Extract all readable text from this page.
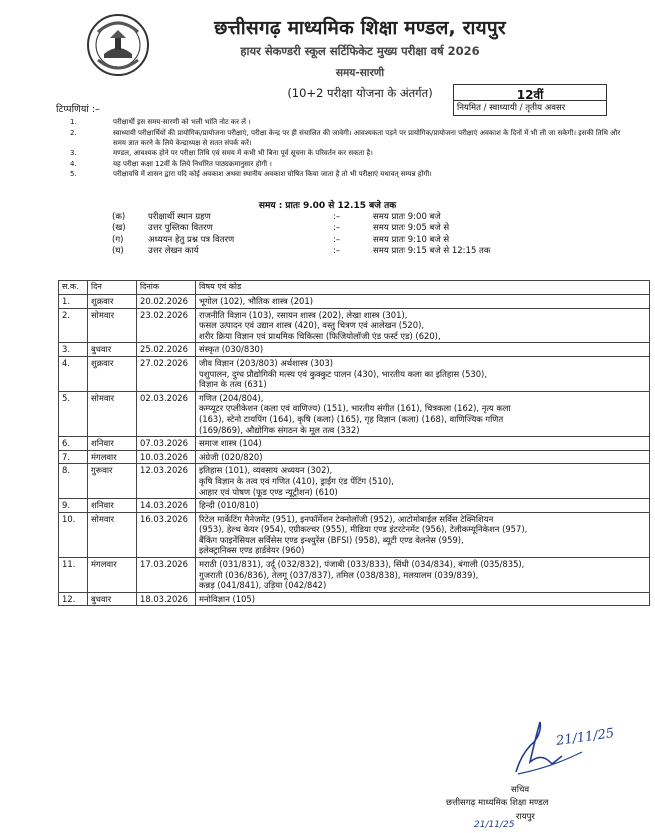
छत्तीसगढ़ माध्यमिक शिक्षा मण्डल, रायपुर
हायर सेकण्डरी स्कूल सर्टिफिकेट मुख्य परीक्षा वर्ष 2026
समय-सारणी
(10+2 परीक्षा योजना के अंतर्गत)	12वीं
नियमित / स्वाध्यायी / तृतीय अवसर
टिप्पणियां :–
1.	परीक्षार्थी इस समय-सारणी को भली भांति नोट कर लें ।
2.	स्वाध्यायी परीक्षार्थियों की प्रायोगिक/प्रायोजना परीक्षाएं, परीक्षा केन्द्र पर ही संचालित की जावेगी। आवश्यकता पड़ने पर प्रायोगिक/प्रायोजना परीक्षाएं अवकाश के दिनों में भी ली जा सकेगी। इसकी तिथि और समय ज्ञात करने के लिये केन्द्राध्यक्ष से सतत संपर्क करें।
3.	मण्डल, आवश्यक होने पर परीक्षा तिथि एवं समय में कभी भी बिना पूर्व सूचना के परिवर्तन कर सकता है।
4.	यह परीक्षा कक्षा 12वीं के लिये निर्धारित पाठ्यक्रमानुसार होगी ।
5.	परीक्षावधि में शासन द्वारा यदि कोई अवकाश अथवा स्थानीय अवकाश घोषित किया जाता है तो भी परीक्षाएं यथावत् सम्पन्न होंगी।
समय : प्रातः 9.00 से 12.15 बजे तक
(क)	परीक्षार्थी स्थान ग्रहण	:–	समय प्रातः 9:00 बजे
(ख)	उत्तर पुस्तिका वितरण	:–	समय प्रातः 9:05 बजे से
(ग)	अध्ययन हेतु प्रश्न पत्र वितरण	:–	समय प्रातः 9:10 बजे से
(घ)	उत्तर लेखन कार्य	:–	समय प्रातः 9:15 बजे से 12:15 तक
स.क.	दिन	दिनांक	विषय एवं कोड
1.	शुक्रवार	20.02.2026	भूगोल (102), भौतिक शास्त्र (201)

2.	सोमवार	23.02.2026	राजनीति विज्ञान (103), रसायन शास्त्र (202), लेखा शास्त्र (301),
फसल उत्पादन एवं उद्यान शास्त्र (420), वस्तु चित्रण एवं आलेखन (520),
शरीर क्रिया विज्ञान एवं प्राथमिक चिकित्सा (फिजियोलॉजी एंड फर्स्ट एड) (620),

3.	बुधवार	25.02.2026	संस्कृत (030/830)

4.	शुक्रवार	27.02.2026	जीव विज्ञान (203/803) अर्थशास्त्र (303)
पशुपालन, दुग्ध प्रौद्योगिकी मत्स्य एवं कुक्कुट पालन (430), भारतीय कला का इतिहास (530),
विज्ञान के तत्व (631)

5.	सोमवार	02.03.2026	गणित (204/804),
कम्प्यूटर एप्लीकेशन (कला एवं वाणिज्य) (151), भारतीय संगीत (161), चित्रकला (162), नृत्य कला
(163), स्टेनो टायपिंग (164), कृषि (कला) (165), गृह विज्ञान (कला) (168), वाणिज्यिक गणित
(169/869), औद्योगिक संगठन के मूल तत्व (332)

6.	शनिवार	07.03.2026	समाज शास्त्र (104)

7.	मंगलवार	10.03.2026	अंग्रेजी (020/820)

8.	गुरूवार	12.03.2026	इतिहास (101), व्यवसाय अध्ययन (302),
कृषि विज्ञान के तत्व एवं गणित (410), ड्राईंग एंड पेंटिंग (510),
आहार एवं पोषण (फूड एण्ड न्यूट्रीशन) (610)

9.	शनिवार	14.03.2026	हिन्दी (010/810)

10.	सोमवार	16.03.2026	रिटेल मार्केटिंग मैनेजमेंट (951), इनफॉर्मेशन टेक्नोलॉजी (952), आटोमोबाईल सर्विस टेक्निशियन
(953), हेल्थ केयर (954), एग्रीकल्चर (955), मीडिया एण्ड इंटरटेनमेंट (956), टेलीकम्यूनिकेशन (957),
बैंकिंग फाइनेंसियल सर्विसेस एण्ड इन्श्युरेंस (BFSI) (958), ब्यूटी एण्ड वेलनेस (959),
इलेक्ट्रानिक्स एण्ड हार्डवेयर (960)

11.	मंगलवार	17.03.2026	मराठी (031/831), उर्दू (032/832), पंजाबी (033/833), सिंधी (034/834), बंगाली (035/835),
गुजराती (036/836), तेलगू (037/837), तमिल (038/838), मलयालम (039/839),
कन्नड़ (041/841), उड़िया (042/842)

12.	बुधवार	18.03.2026	मनोविज्ञान (105)
21/11/25
सचिव
छत्तीसगढ़ माध्यमिक शिक्षा मण्डल
रायपुर
21/11/25
